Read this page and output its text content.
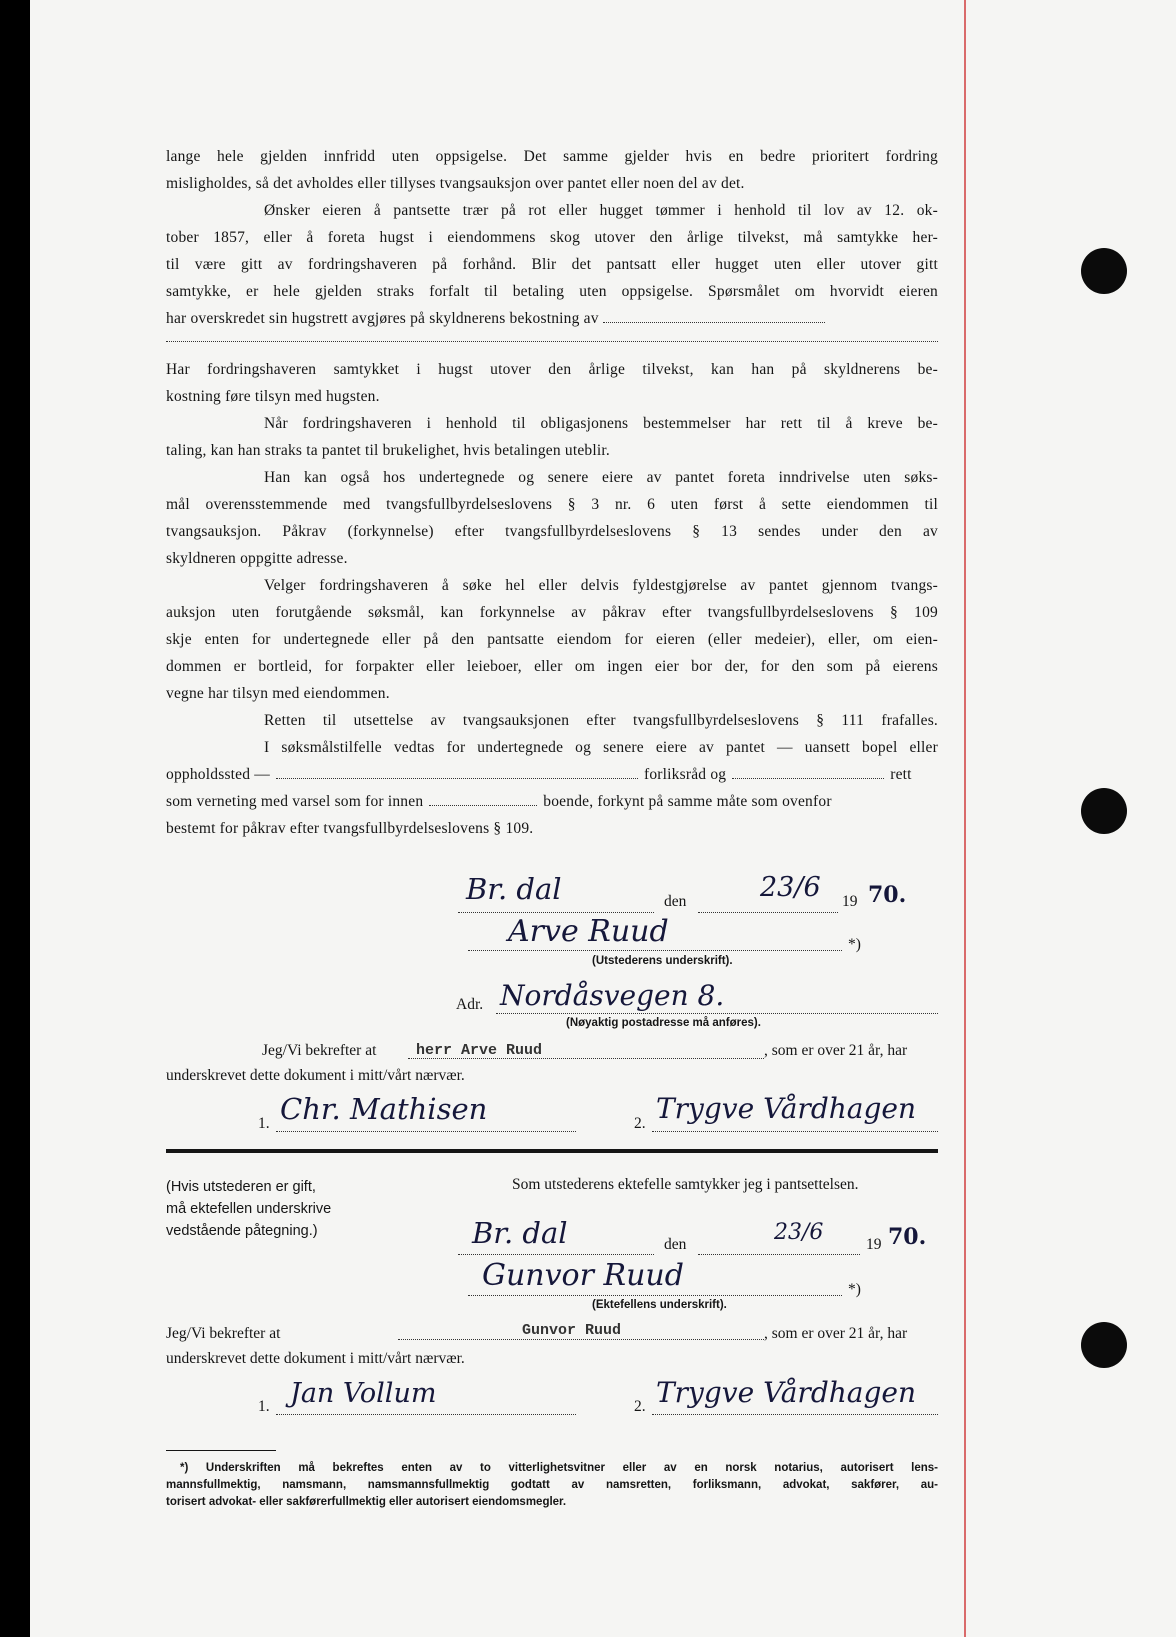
lange hele gjelden innfridd uten oppsigelse. Det samme gjelder hvis en bedre prioritert fordring
misligholdes, så det avholdes eller tillyses tvangsauksjon over pantet eller noen del av det.
Ønsker eieren å pantsette trær på rot eller hugget tømmer i henhold til lov av 12. ok-
tober 1857, eller å foreta hugst i eiendommens skog utover den årlige tilvekst, må samtykke her-
til være gitt av fordringshaveren på forhånd. Blir det pantsatt eller hugget uten eller utover gitt
samtykke, er hele gjelden straks forfalt til betaling uten oppsigelse. Spørsmålet om hvorvidt eieren
har overskredet sin hugstrett avgjøres på skyldnerens bekostning av
Har fordringshaveren samtykket i hugst utover den årlige tilvekst, kan han på skyldnerens be-
kostning føre tilsyn med hugsten.
Når fordringshaveren i henhold til obligasjonens bestemmelser har rett til å kreve be-
taling, kan han straks ta pantet til brukelighet, hvis betalingen uteblir.
Han kan også hos undertegnede og senere eiere av pantet foreta inndrivelse uten søks-
mål overensstemmende med tvangsfullbyrdelseslovens § 3 nr. 6 uten først å sette eiendommen til
tvangsauksjon. Påkrav (forkynnelse) efter tvangsfullbyrdelseslovens § 13 sendes under den av
skyldneren oppgitte adresse.
Velger fordringshaveren å søke hel eller delvis fyldestgjørelse av pantet gjennom tvangs-
auksjon uten forutgående søksmål, kan forkynnelse av påkrav efter tvangsfullbyrdelseslovens § 109
skje enten for undertegnede eller på den pantsatte eiendom for eieren (eller medeier), eller, om eien-
dommen er bortleid, for forpakter eller leieboer, eller om ingen eier bor der, for den som på eierens
vegne har tilsyn med eiendommen.
Retten til utsettelse av tvangsauksjonen efter tvangsfullbyrdelseslovens § 111 frafalles.
I søksmålstilfelle vedtas for undertegnede og senere eiere av pantet — uansett bopel eller
oppholdssted —	forliksråd og	rett
som verneting med varsel som for innen	boende, forkynt på samme måte som ovenfor
bestemt for påkrav efter tvangsfullbyrdelseslovens § 109.
Br. dal	den	23/6 19 70.
Arve Ruud	*)
(Utstederens underskrift).
Adr. Nordåsvegen 8.
(Nøyaktig postadresse må anføres).
Jeg/Vi bekrefter at	herr Arve Ruud	, som er over 21 år, har
underskrevet dette dokument i mitt/vårt nærvær.
1. Chr. Mathisen	2. Trygve Vårdhagen
(Hvis utstederen er gift,
må ektefellen underskrive
vedstående påtegning.)
Som utstederens ektefelle samtykker jeg i pantsettelsen.
Br. dal	den	23/6	19 70.
Gunvor Ruud	*)
(Ektefellens underskrift).
Jeg/Vi bekrefter at	Gunvor Ruud	, som er over 21 år, har
underskrevet dette dokument i mitt/vårt nærvær.
1. Jan Vollum	2. Trygve Vårdhagen
*) Underskriften må bekreftes enten av to vitterlighetsvitner eller av en norsk notarius, autorisert lens-
mannsfullmektig, namsmann, namsmannsfullmektig godtatt av namsretten, forliksmann, advokat, sakfører, au-
torisert advokat- eller sakførerfullmektig eller autorisert eiendomsmegler.
